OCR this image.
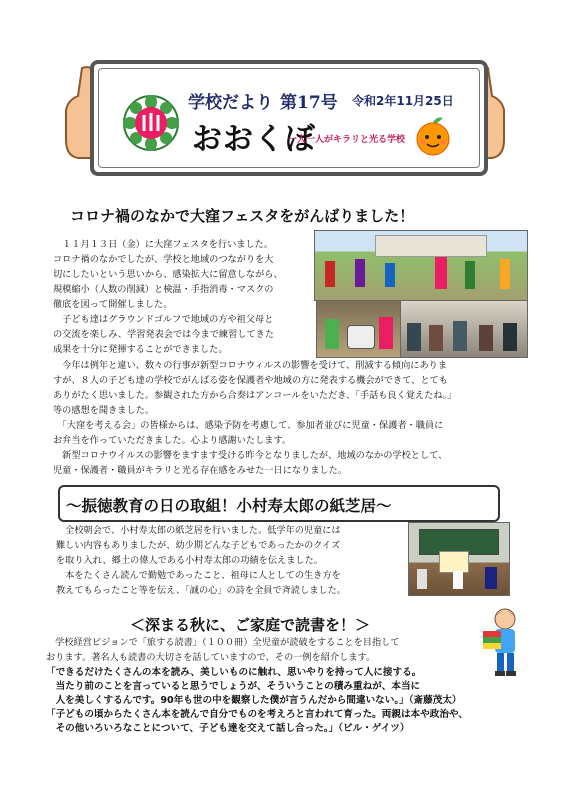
学校だより 第17号 令和2年11月25日
おおくぼ
一人一人がキラリと光る学校
コロナ禍のなかで大窪フェスタをがんばりました！
　１１月１３日（金）に大窪フェスタを行いました。
コロナ禍のなかでしたが、学校と地域のつながりを大
切にしたいという思いから、感染拡大に留意しながら、
規模縮小（人数の削減）と検温・手指消毒・マスクの
徹底を図って開催しました。
　子ども達はグラウンドゴルフで地域の方や祖父母と
の交流を楽しみ、学習発表会では今まで練習してきた
成果を十分に発揮することができました。
　今年は例年と違い、数々の行事が新型コロナウィルスの影響を受けて、削減する傾向にありま
すが、８人の子ども達の学校でがんばる姿を保護者や地域の方に発表する機会ができて、とても
ありがたく思いました。参観された方から合奏はアンコールをいただき、「手話も良く覚えたね。」
等の感想を聞きました。
　「大窪を考える会」の皆様からは、感染予防を考慮して、参加者並びに児童・保護者・職員に
お弁当を作っていただきました。心より感謝いたします。
　新型コロナウイルスの影響をますます受ける昨今となりましたが、地域のなかの学校として、
児童・保護者・職員がキラリと光る存在感をみせた一日になりました。
～振徳教育の日の取組！小村寿太郎の紙芝居～
　全校朝会で、小村寿太郎の紙芝居を行いました。低学年の児童には
難しい内容もありましたが、幼少期どんな子どもであったかのクイズ
を取り入れ、郷土の偉人である小村寿太郎の功績を伝えました。
　本をたくさん読んで勤勉であったこと、祖母に人としての生き方を
教えてもらったこと等を伝え、「誠の心」の詩を全員で斉読しました。
＜深まる秋に、ご家庭で読書を！＞
　学校経営ビジョンで「旅する読書」（１００冊）全児童が読破をすることを目指して
おります。著名人も読書の大切さを話していますので、その一例を紹介します。
「できるだけたくさんの本を読み、美しいものに触れ、思いやりを持って人に接する。
　当たり前のことを言っていると思うでしょうが、そういうことの積み重ねが、本当に
　人を美しくするんです。90年も世の中を観察した僕が言うんだから間違いない。」（斎藤茂太）
「子どもの頃からたくさん本を読んで自分でものを考えろと言われて育った。両親は本や政治や、
　その他いろいろなことについて、子ども達を交えて話し合った。」（ビル・ゲイツ）
